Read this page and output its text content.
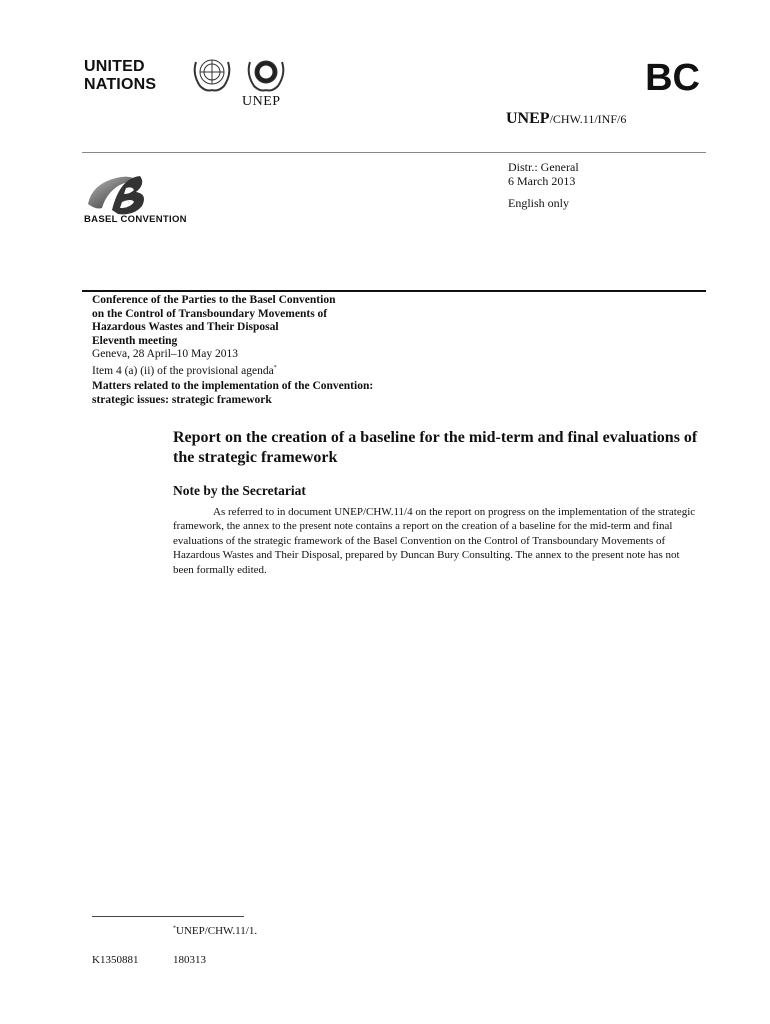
UNITED
NATIONS
UNEP
BC
UNEP/CHW.11/INF/6
Distr.: General
6 March 2013
English only
BASEL CONVENTION
Conference of the Parties to the Basel Convention
on the Control of Transboundary Movements of
Hazardous Wastes and Their Disposal
Eleventh meeting
Geneva, 28 April–10 May 2013
Item 4 (a) (ii) of the provisional agenda*
Matters related to the implementation of the Convention:
strategic issues: strategic framework
Report on the creation of a baseline for the mid-term and final evaluations of the strategic framework
Note by the Secretariat
As referred to in document UNEP/CHW.11/4 on the report on progress on the implementation of the strategic framework, the annex to the present note contains a report on the creation of a baseline for the mid-term and final evaluations of the strategic framework of the Basel Convention on the Control of Transboundary Movements of Hazardous Wastes and Their Disposal, prepared by Duncan Bury Consulting. The annex to the present note has not been formally edited.
*UNEP/CHW.11/1.
K1350881	180313
